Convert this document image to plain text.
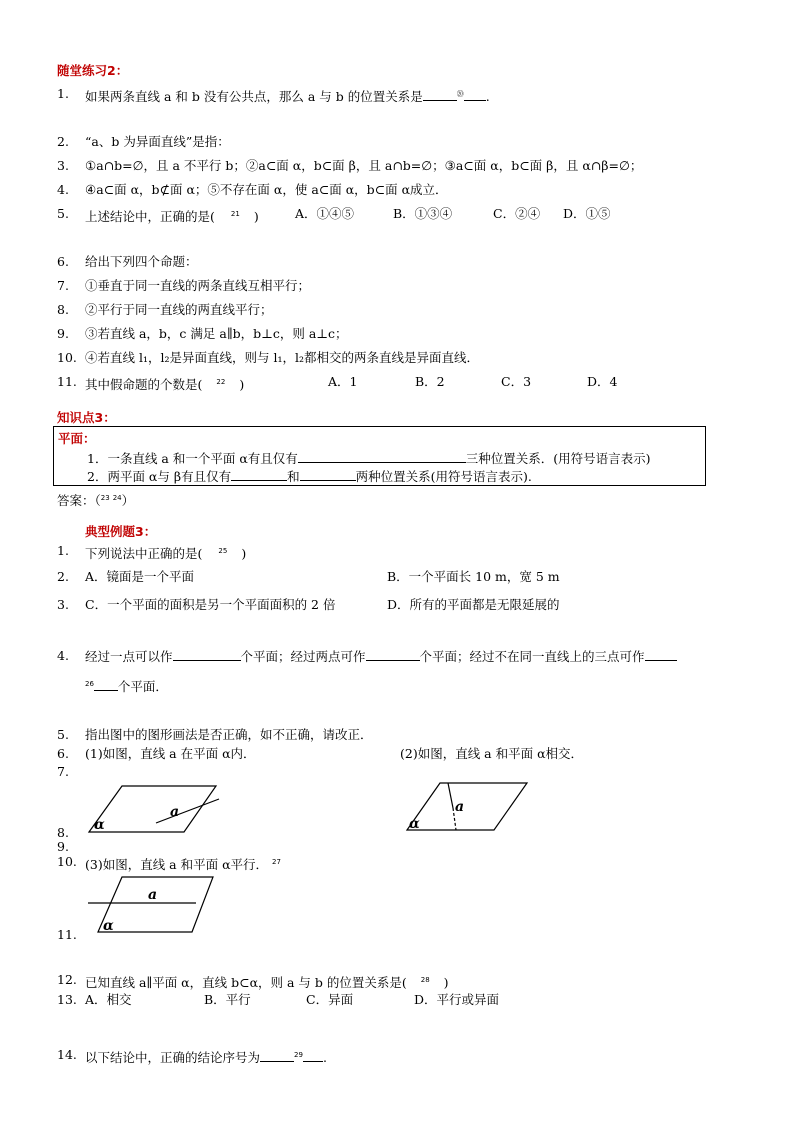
随堂练习2：
1. 如果两条直线 a 和 b 没有公共点，那么 a 与 b 的位置关系是	⑳ .
2. “a、b 为异面直线”是指：
3. ①a∩b=∅，且 a 不平行 b；②a⊂面 α，b⊂面 β，且 a∩b=∅；③a⊂面 α，b⊂面 β，且 α∩β=∅；
4. ④a⊂面 α，b⊄面 α；⑤不存在面 α，使 a⊂面 α，b⊂面 α成立．
5. 上述结论中，正确的是( $^{21}$ )	A．①④⑤	B．①③④	C．②④ D．①⑤
6. 给出下列四个命题：
7. ①垂直于同一直线的两条直线互相平行；
8. ②平行于同一直线的两直线平行；
9. ③若直线 a，b，c 满足 a∥b，b⊥c，则 a⊥c；
10. ④若直线 l₁，l₂是异面直线，则与 l₁，l₂都相交的两条直线是异面直线．
11. 其中假命题的个数是( $^{22}$ )	A．1	B．2	C．3	D．4
知识点3：
平面：
1．一条直线 a 和一个平面 α有且仅有	三种位置关系．(用符号语言表示)
2．两平面 α与 β有且仅有	和	两种位置关系(用符号语言表示).
答案：（$^{23}$ $^{24}$）
典型例题3：
1. 下列说法中正确的是( $^{25}$ )
2. A．镜面是一个平面	B．一个平面长 10 m，宽 5 m
3. C．一个平面的面积是另一个平面面积的 2 倍	D．所有的平面都是无限延展的
4. 经过一点可以作	个平面；经过两点可作	个平面；经过不在同一直线上的三点可作
$^{26}$ 个平面．
5. 指出图中的图形画法是否正确，如不正确，请改正．
6. (1)如图，直线 a 在平面 α内．	(2)如图，直线 a 和平面 α相交．
7.
a
α
a
α
8.
9.
10. (3)如图，直线 a 和平面 α平行． $^{27}$
a
α
11.
12. 已知直线 a∥平面 α，直线 b⊂α，则 a 与 b 的位置关系是( $^{28}$ )
13. A．相交	B．平行	C．异面	D．平行或异面
14. 以下结论中，正确的结论序号为	$^{29}$ .
